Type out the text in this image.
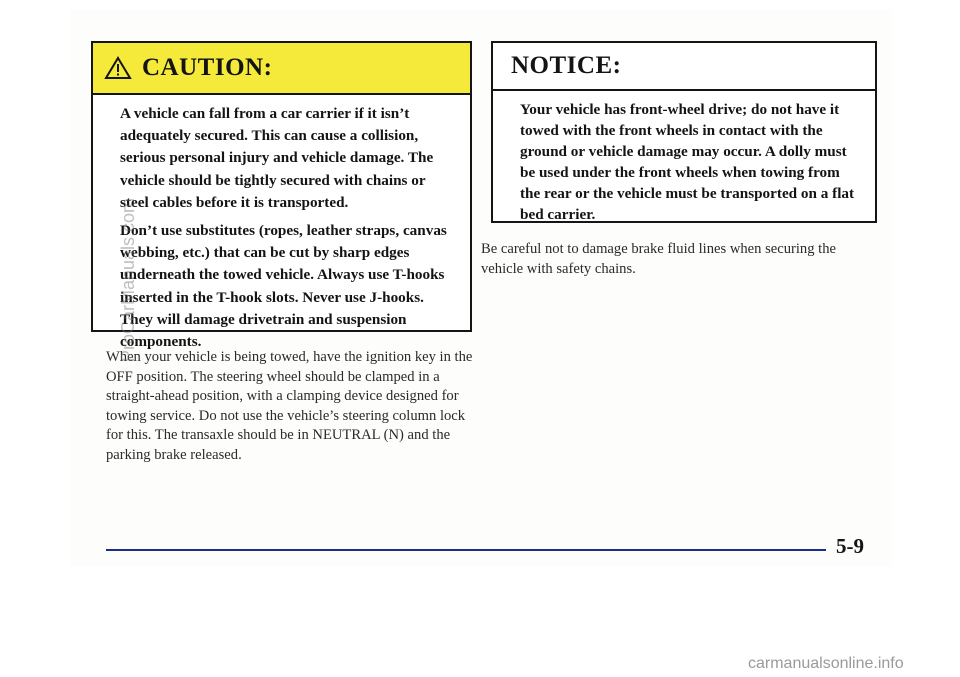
CAUTION:

A vehicle can fall from a car carrier if it isn’t adequately secured. This can cause a collision, serious personal injury and vehicle damage. The vehicle should be tightly secured with chains or steel cables before it is transported.

Don’t use substitutes (ropes, leather straps, canvas webbing, etc.) that can be cut by sharp edges underneath the towed vehicle. Always use T-hooks inserted in the T-hook slots. Never use J-hooks. They will damage drivetrain and suspension components.

NOTICE:

Your vehicle has front-wheel drive; do not have it towed with the front wheels in contact with the ground or vehicle damage may occur. A dolly must be used under the front wheels when towing from the rear or the vehicle must be transported on a flat bed carrier.

When your vehicle is being towed, have the ignition key in the OFF position. The steering wheel should be clamped in a straight-ahead position, with a clamping device designed for towing service. Do not use the vehicle’s steering column lock for this. The transaxle should be in NEUTRAL (N) and the parking brake released.

Be careful not to damage brake fluid lines when securing the vehicle with safety chains.

5-9
ProCarManuals.com
carmanualsonline.info
